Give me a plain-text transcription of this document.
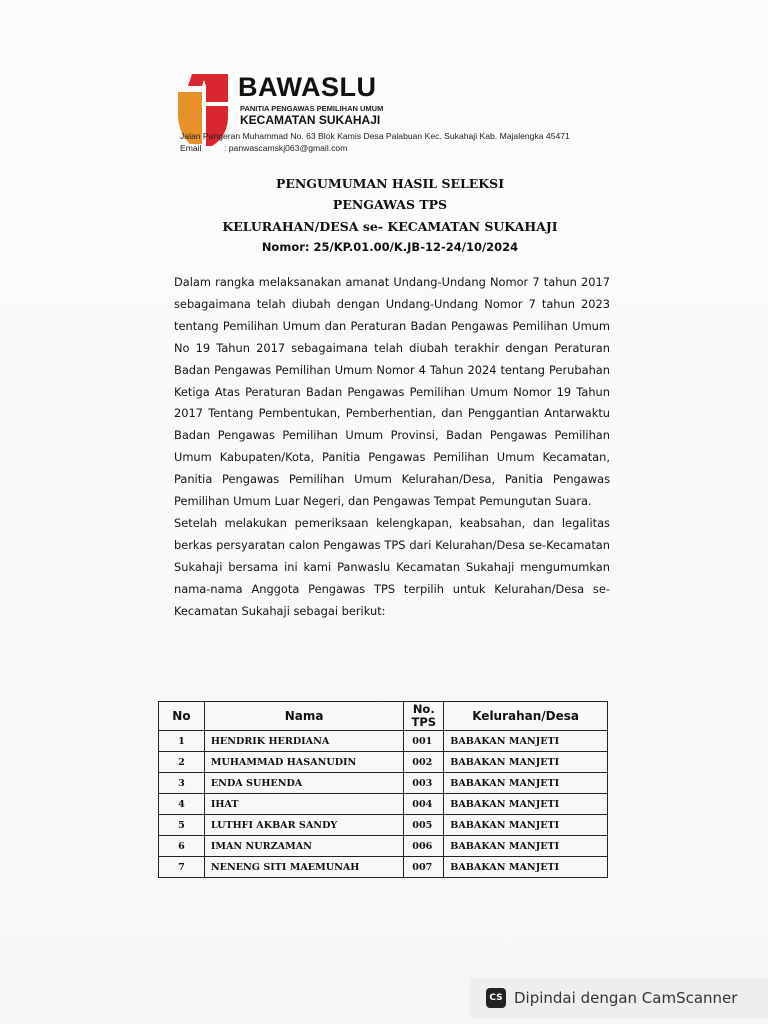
BAWASLU
PANITIA PENGAWAS PEMILIHAN UMUM
KECAMATAN SUKAHAJI
Jalan Pangeran Muhammad No. 63 Blok Kamis Desa Palabuan Kec. Sukahaji Kab. Majalengka 45471
Email	: panwascamskj063@gmail.com
PENGUMUMAN HASIL SELEKSI
PENGAWAS TPS
KELURAHAN/DESA se- KECAMATAN SUKAHAJI
Nomor: 25/KP.01.00/K.JB-12-24/10/2024

Dalam rangka melaksanakan amanat Undang-Undang Nomor 7 tahun 2017 sebagaimana telah diubah dengan Undang-Undang Nomor 7 tahun 2023 tentang Pemilihan Umum dan Peraturan Badan Pengawas Pemilihan Umum No 19 Tahun 2017 sebagaimana telah diubah terakhir dengan Peraturan Badan Pengawas Pemilihan Umum Nomor 4 Tahun 2024 tentang Perubahan Ketiga Atas Peraturan Badan Pengawas Pemilihan Umum Nomor 19 Tahun 2017 Tentang Pembentukan, Pemberhentian, dan Penggantian Antarwaktu Badan Pengawas Pemilihan Umum Provinsi, Badan Pengawas Pemilihan Umum Kabupaten/Kota, Panitia Pengawas Pemilihan Umum Kecamatan, Panitia Pengawas Pemilihan Umum Kelurahan/Desa, Panitia Pengawas Pemilihan Umum Luar Negeri, dan Pengawas Tempat Pemungutan Suara.

Setelah melakukan pemeriksaan kelengkapan, keabsahan, dan legalitas berkas persyaratan calon Pengawas TPS dari Kelurahan/Desa se-Kecamatan Sukahaji bersama ini kami Panwaslu Kecamatan Sukahaji mengumumkan nama-nama Anggota Pengawas TPS terpilih untuk Kelurahan/Desa se-Kecamatan Sukahaji sebagai berikut:

No	Nama	No. TPS	Kelurahan/Desa
1	HENDRIK HERDIANA	001	BABAKAN MANJETI
2	MUHAMMAD HASANUDIN	002	BABAKAN MANJETI
3	ENDA SUHENDA	003	BABAKAN MANJETI
4	IHAT	004	BABAKAN MANJETI
5	LUTHFI AKBAR SANDY	005	BABAKAN MANJETI
6	IMAN NURZAMAN	006	BABAKAN MANJETI
7	NENENG SITI MAEMUNAH	007	BABAKAN MANJETI
CS Dipindai dengan CamScanner
